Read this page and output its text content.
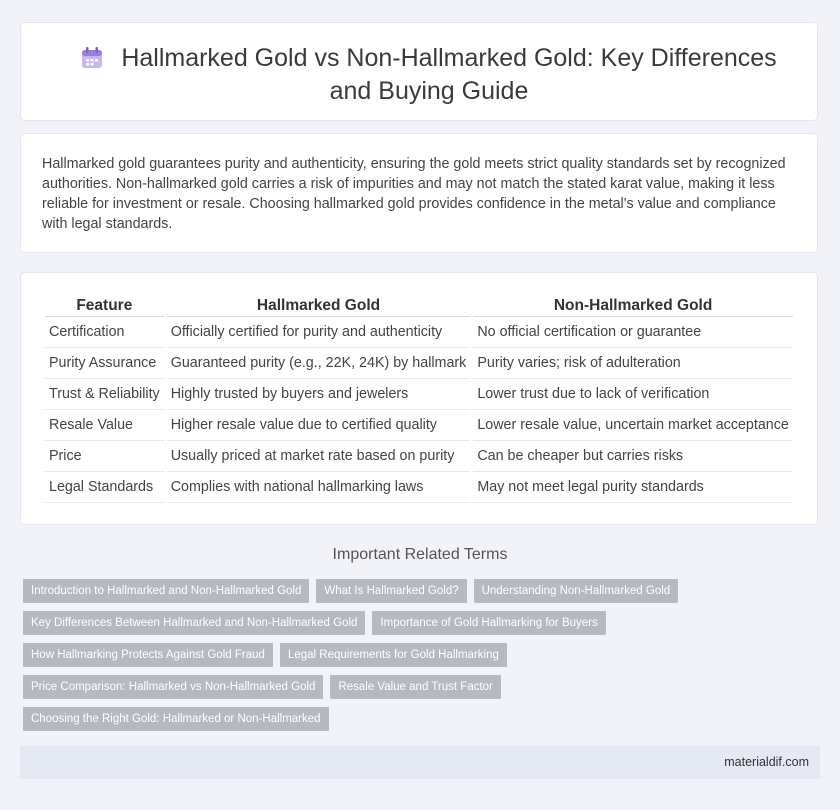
Hallmarked Gold vs Non-Hallmarked Gold: Key Differences and Buying Guide

Hallmarked gold guarantees purity and authenticity, ensuring the gold meets strict quality standards set by recognized authorities. Non-hallmarked gold carries a risk of impurities and may not match the stated karat value, making it less reliable for investment or resale. Choosing hallmarked gold provides confidence in the metal's value and compliance with legal standards.

Feature	Hallmarked Gold	Non-Hallmarked Gold
Certification	Officially certified for purity and authenticity	No official certification or guarantee
Purity Assurance	Guaranteed purity (e.g., 22K, 24K) by hallmark	Purity varies; risk of adulteration
Trust & Reliability	Highly trusted by buyers and jewelers	Lower trust due to lack of verification
Resale Value	Higher resale value due to certified quality	Lower resale value, uncertain market acceptance
Price	Usually priced at market rate based on purity	Can be cheaper but carries risks
Legal Standards	Complies with national hallmarking laws	May not meet legal purity standards
Important Related Terms
Introduction to Hallmarked and Non-Hallmarked Gold	What Is Hallmarked Gold?	Understanding Non-Hallmarked Gold
Key Differences Between Hallmarked and Non-Hallmarked Gold	Importance of Gold Hallmarking for Buyers
How Hallmarking Protects Against Gold Fraud	Legal Requirements for Gold Hallmarking
Price Comparison: Hallmarked vs Non-Hallmarked Gold	Resale Value and Trust Factor
Choosing the Right Gold: Hallmarked or Non-Hallmarked
materialdif.com
